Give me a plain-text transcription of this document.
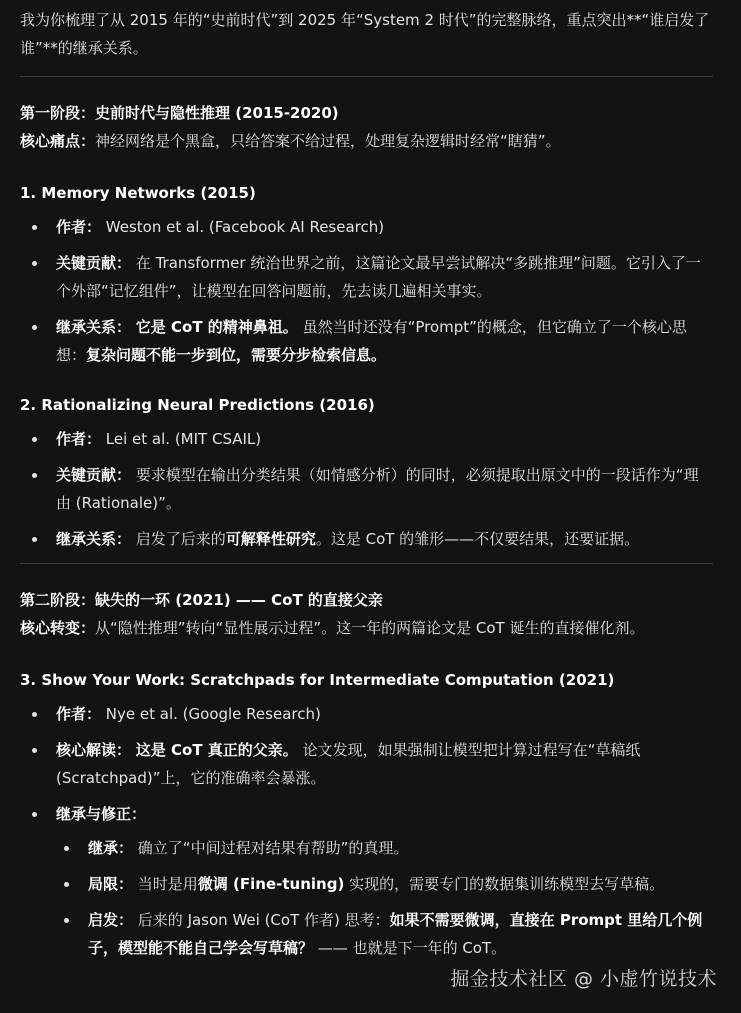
我为你梳理了从 2015 年的“史前时代”到 2025 年“System 2 时代”的完整脉络，重点突出**“谁启发了谁”**的继承关系。

第一阶段：史前时代与隐性推理 (2015-2020)

核心痛点：神经网络是个黑盒，只给答案不给过程，处理复杂逻辑时经常“瞎猜”。

1. Memory Networks (2015)
作者： Weston et al. (Facebook AI Research)
关键贡献： 在 Transformer 统治世界之前，这篇论文最早尝试解决“多跳推理”问题。它引入了一个外部“记忆组件”，让模型在回答问题前，先去读几遍相关事实。
继承关系： 它是 CoT 的精神鼻祖。 虽然当时还没有“Prompt”的概念，但它确立了一个核心思想：复杂问题不能一步到位，需要分步检索信息。
2. Rationalizing Neural Predictions (2016)
作者： Lei et al. (MIT CSAIL)
关键贡献： 要求模型在输出分类结果（如情感分析）的同时，必须提取出原文中的一段话作为“理由 (Rationale)”。
继承关系： 启发了后来的可解释性研究。这是 CoT 的雏形——不仅要结果，还要证据。

第二阶段：缺失的一环 (2021) —— CoT 的直接父亲

核心转变：从“隐性推理”转向“显性展示过程”。这一年的两篇论文是 CoT 诞生的直接催化剂。

3. Show Your Work: Scratchpads for Intermediate Computation (2021)
作者： Nye et al. (Google Research)
核心解读： 这是 CoT 真正的父亲。 论文发现，如果强制让模型把计算过程写在“草稿纸 (Scratchpad)”上，它的准确率会暴涨。
继承与修正：
继承： 确立了“中间过程对结果有帮助”的真理。
局限： 当时是用微调 (Fine-tuning) 实现的，需要专门的数据集训练模型去写草稿。
启发： 后来的 Jason Wei (CoT 作者) 思考：如果不需要微调，直接在 Prompt 里给几个例子，模型能不能自己学会写草稿？ —— 也就是下一年的 CoT。
掘金技术社区 @ 小虚竹说技术
